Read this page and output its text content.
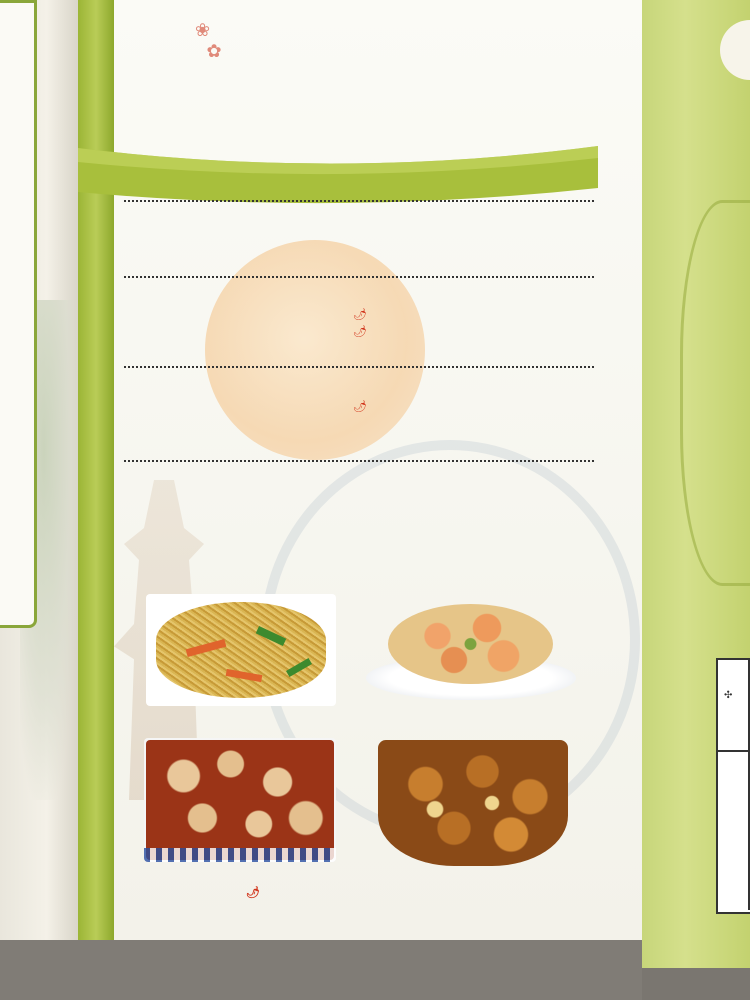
❀
✿
🌶
🌶
🌶
🌶
✣
